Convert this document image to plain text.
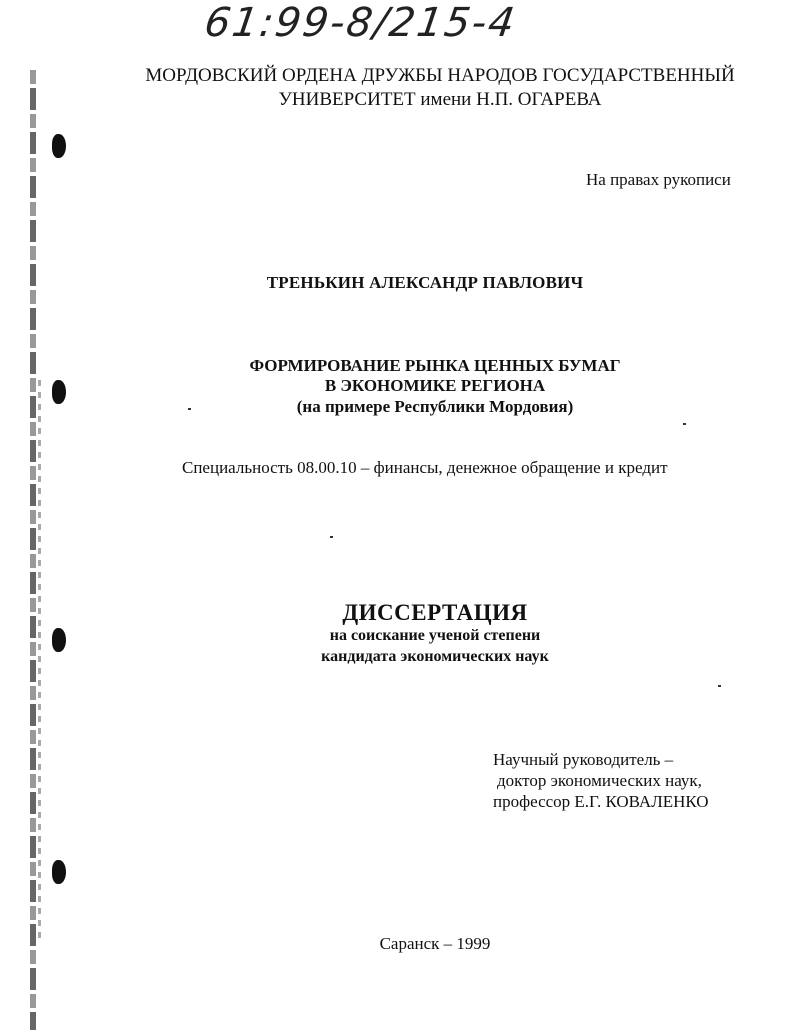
61:99-8/215-4
МОРДОВСКИЙ ОРДЕНА ДРУЖБЫ НАРОДОВ ГОСУДАРСТВЕННЫЙ
УНИВЕРСИТЕТ имени Н.П. ОГАРЕВА
На правах рукописи
ТРЕНЬКИН АЛЕКСАНДР ПАВЛОВИЧ
ФОРМИРОВАНИЕ РЫНКА ЦЕННЫХ БУМАГ
В ЭКОНОМИКЕ РЕГИОНА
(на примере Республики Мордовия)
Специальность 08.00.10 – финансы, денежное обращение и кредит
ДИССЕРТАЦИЯ
на соискание ученой степени
кандидата экономических наук
Научный руководитель –
доктор экономических наук,
профессор Е.Г. КОВАЛЕНКО
Саранск – 1999
